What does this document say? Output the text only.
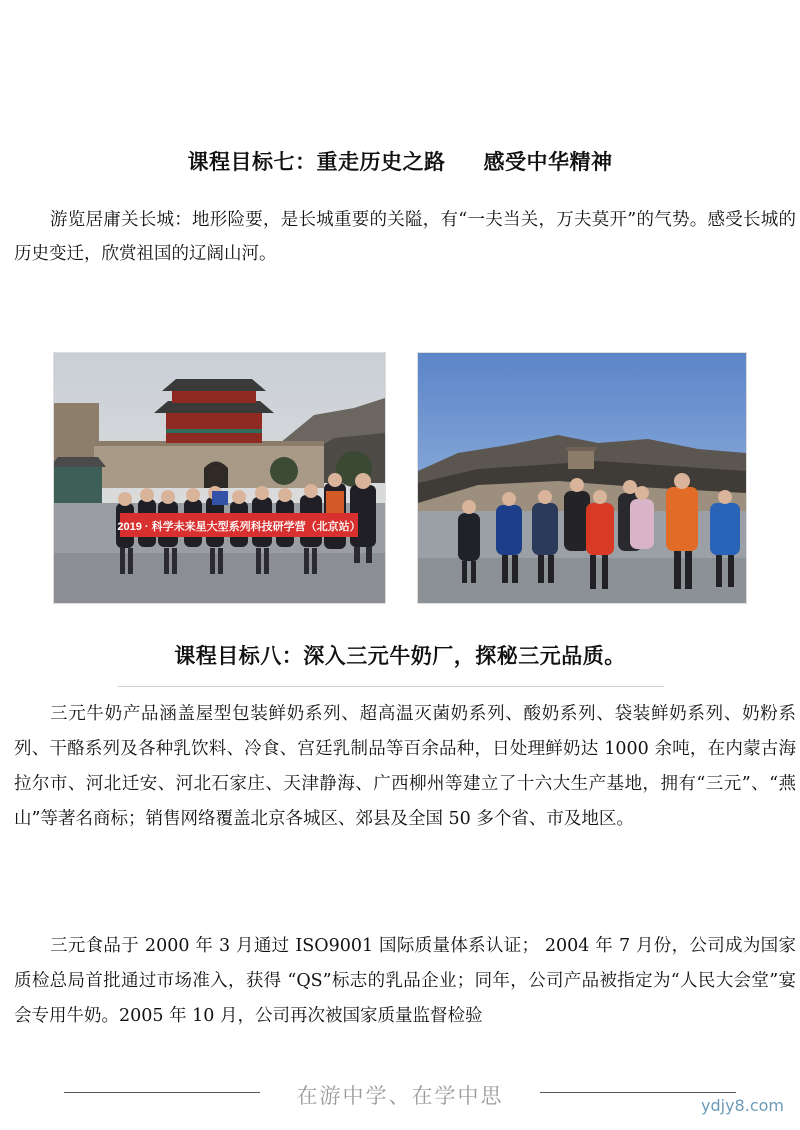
课程目标七：重走历史之路 感受中华精神
游览居庸关长城：地形险要，是长城重要的关隘，有“一夫当关，万夫莫开”的气势。感受长城的历史变迁，欣赏祖国的辽阔山河。
2019 · 科学未来星大型系列科技研学营（北京站）
课程目标八：深入三元牛奶厂，探秘三元品质。
三元牛奶产品涵盖屋型包装鲜奶系列、超高温灭菌奶系列、酸奶系列、袋装鲜奶系列、奶粉系列、干酪系列及各种乳饮料、冷食、宫廷乳制品等百余品种，日处理鲜奶达 1000 余吨，在内蒙古海拉尔市、河北迁安、河北石家庄、天津静海、广西柳州等建立了十六大生产基地，拥有“三元”、“燕山”等著名商标；销售网络覆盖北京各城区、郊县及全国 50 多个省、市及地区。
三元食品于 2000 年 3 月通过 ISO9001 国际质量体系认证； 2004 年 7 月份，公司成为国家质检总局首批通过市场准入，获得 “QS”标志的乳品企业；同年，公司产品被指定为“人民大会堂”宴会专用牛奶。2005 年 10 月，公司再次被国家质量监督检验
在游中学、在学中思	ydjy8.com
